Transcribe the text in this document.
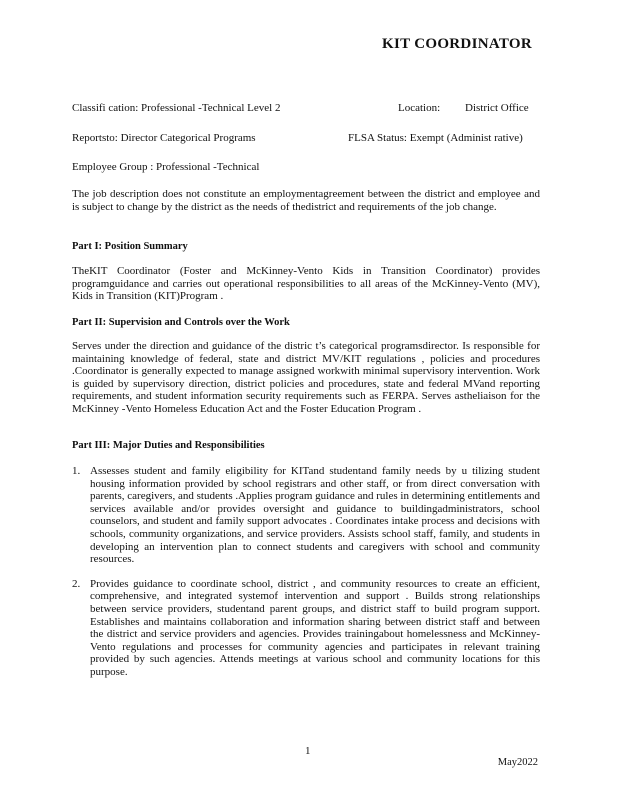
KIT COORDINATOR
Classifi cation: Professional -Technical Level 2	Location: District Office
Reportsto: Director Categorical Programs	FLSA Status: Exempt (Administ rative)
Employee Group : Professional -Technical
The job description does not constitute an employmentagreement between the district and employee and is subject to change by the district as the needs of thedistrict and requirements of the job change.
Part I: Position Summary
TheKIT Coordinator (Foster and McKinney-Vento Kids in Transition Coordinator) provides programguidance and carries out operational responsibilities to all areas of the McKinney-Vento (MV), Kids in Transition (KIT)Program .
Part II: Supervision and Controls over the Work
Serves under the direction and guidance of the distric t’s categorical programsdirector. Is responsible for maintaining knowledge of federal, state and district MV/KIT regulations , policies and procedures .Coordinator is generally expected to manage assigned workwith minimal supervisory intervention. Work is guided by supervisory direction, district policies and procedures, state and federal MVand reporting requirements, and student information security requirements such as FERPA. Serves astheliaison for the McKinney -Vento Homeless Education Act and the Foster Education Program .
Part III: Major Duties and Responsibilities
1. Assesses student and family eligibility for KITand studentand family needs by u tilizing student housing information provided by school registrars and other staff, or from direct conversation with parents, caregivers, and students .Applies program guidance and rules in determining entitlements and services available and/or provides oversight and guidance to buildingadministrators, school counselors, and student and family support advocates . Coordinates intake process and decisions with schools, community organizations, and service providers. Assists school staff, family, and students in developing an intervention plan to connect students and caregivers with school and community resources.
2. Provides guidance to coordinate school, district , and community resources to create an efficient, comprehensive, and integrated systemof intervention and support . Builds strong relationships between service providers, studentand parent groups, and district staff to build program support. Establishes and maintains collaboration and information sharing between district staff and between the district and service providers and agencies. Provides trainingabout homelessness and McKinney- Vento regulations and processes for community agencies and participates in relevant training provided by such agencies. Attends meetings at various school and community locations for this purpose.
1
May2022
